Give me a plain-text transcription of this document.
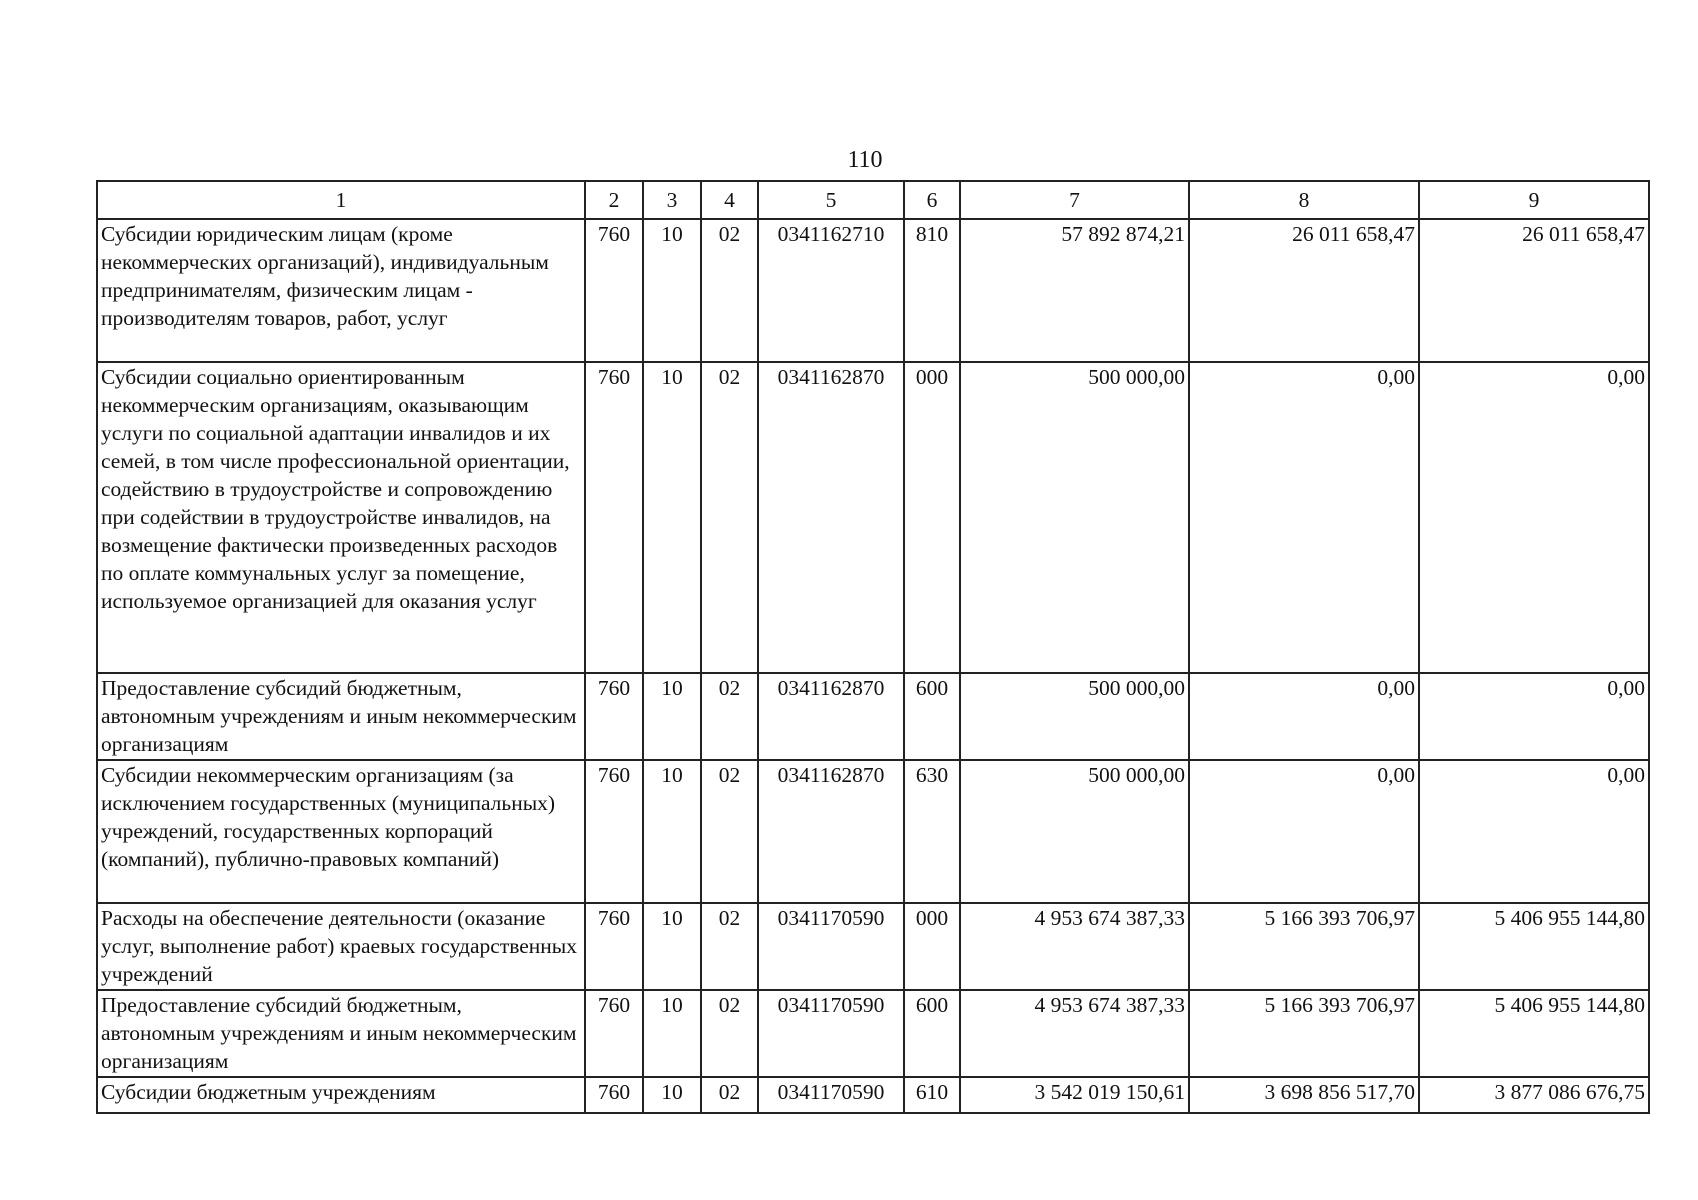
110
1	2	3	4	5	6	7	8	9
Субсидии юридическим лицам (кроме некоммерческих организаций), индивидуальным предпринимателям, физическим лицам - производителям товаров, работ, услуг	760	10	02	0341162710	810	57 892 874,21	26 011 658,47	26 011 658,47
Субсидии социально ориентированным некоммерческим организациям, оказывающим услуги по социальной адаптации инвалидов и их семей, в том числе профессиональной ориентации, содействию в трудоустройстве и сопровождению при содействии в трудоустройстве инвалидов, на возмещение фактически произведенных расходов по оплате коммунальных услуг за помещение, используемое организацией для оказания услуг	760	10	02	0341162870	000	500 000,00	0,00	0,00
Предоставление субсидий бюджетным, автономным учреждениям и иным некоммерческим организациям	760	10	02	0341162870	600	500 000,00	0,00	0,00
Субсидии некоммерческим организациям (за исключением государственных (муниципальных) учреждений, государственных корпораций (компаний), публично-правовых компаний)	760	10	02	0341162870	630	500 000,00	0,00	0,00
Расходы на обеспечение деятельности (оказание услуг, выполнение работ) краевых государственных учреждений	760	10	02	0341170590	000	4 953 674 387,33	5 166 393 706,97	5 406 955 144,80
Предоставление субсидий бюджетным, автономным учреждениям и иным некоммерческим организациям	760	10	02	0341170590	600	4 953 674 387,33	5 166 393 706,97	5 406 955 144,80
Субсидии бюджетным учреждениям	760	10	02	0341170590	610	3 542 019 150,61	3 698 856 517,70	3 877 086 676,75
